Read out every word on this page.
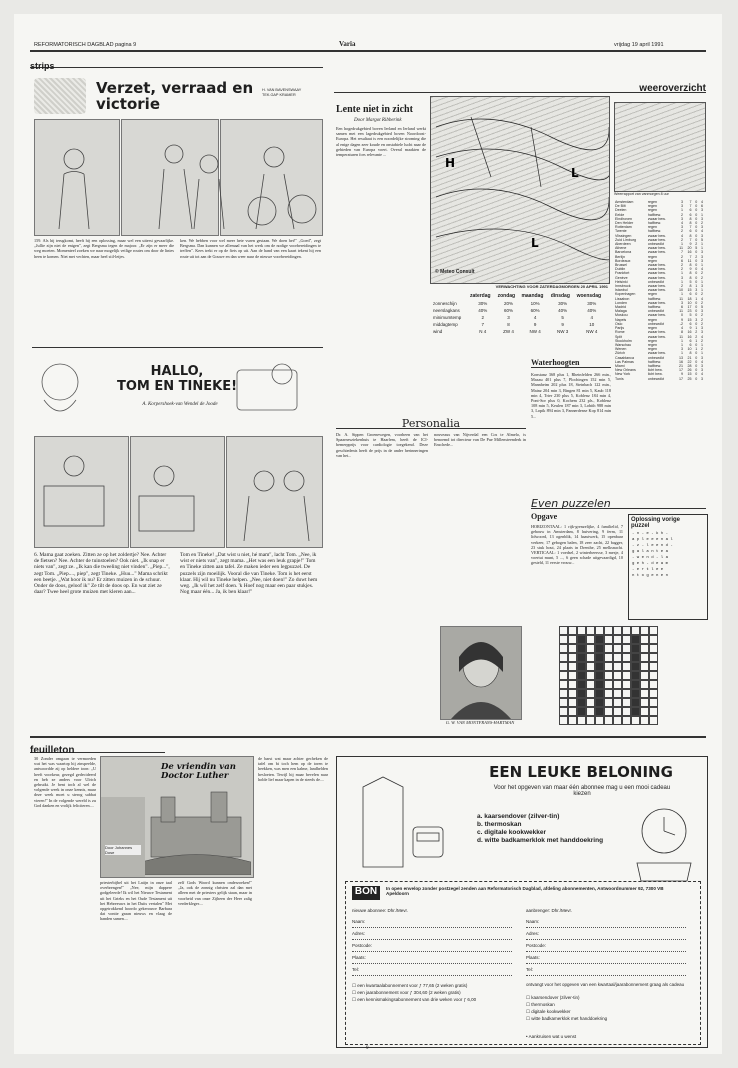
REFORMATORISCH DAGBLAD pagina 9	Varia	vrijdag 19 april 1991
strips
Verzet, verraad en victorie
H. VAN BAVENSWAAY TEK.GAP KRAMER
159. Als hij terugkomt, heeft hij een oplossing, maar wel een uiterst gevaarlijke. „Jullie zijn niet de enigen", zegt Bergsma tegen de majoor. „Er zijn er meer die weg moeten. Momenteel zoeken we naar mogelijk veilige routes om door de linies heen te komen. Niet met vechten, maar heel stil-letjes.
ken. We hebben voor wel meer hete vuren gestaan. We doen het!" „Goed", zegt Bergsma. Dan kunnen we allemaal van het werk om de nodige voorbereidingen te treffen". Kees trekt er op de fiets op uit. Aan de hand van een kaart tekent hij een route uit tot aan de Gouwe en dan weer naar de nieuwe voorbereidingen.
HALLO,
TOM EN TINEKE!
A. Korpershoek-van Wendel de Joode
6. Mama gaat zoeken. Zitten ze op het zoldertje? Nee. Achter de fietsen? Nee. Achter de tuinstoelen? Ook niet. „Ik snap er niets van", zegt ze. „Ik kan die tweeling niet vinden". „Piep...", zegt Tom. „Piep...., piep", zegt Tineke. „Huu..." Mama schrikt een beetje. „Wat hoor ik nu? Er zitten muizen in de schuur. Onder de doos, geloof ik" Ze tilt de doos op. En wat ziet ze daar? Twee heel grote muizen met kleren aan...
Tom en Tineke! „Dat wist u niet, hé mam", lacht Tom. „Nee, ik wist er niets van", zegt mama. „Het was een leuk grapje!" Tom en Tineke zitten aan tafel. Ze maken ieder een legpuzzel. De puzzels zijn moeilijk. Vooral die van Tineke. Tom is het eerst klaar. Hij wil nu Tineke helpen. „Nee, niet doen!" Zo duwt hem weg. „Ik wil het zelf doen. 'k Hoef nog maar een paar stukjes. Nog maar één... Ja, ik ben klaar!"
feuilleton
30 Zonder omgaan te vermoeden wat het was waartop hij zinspeelde, antwoordde zij op heldere toon: „U heeft voorkeur, gezegd gedecideerd en heb ze anders voor Ulrich gebruikt. Je bent toch al wel de volgende week in onze kennis, maar deze week moet u sterog sabbat vieren!" In de volgende wereld is zu God danken en vrolijk feliciteren....
De vriendin van Doctor Luther
Door Johannes Dose
priesterbijbel uit het Latijn in onze taal overbrengen!" „Nee, mijn dappere godgeleerde! Ik wil het Nieuwe Testament uit het Grieks en het Oude Testament uit het Hebreeuws in het Duits vertalen" Met opgetrokkend hoordo gekerouwe Barbara dat vontte graan nieuws en vlaag de handen samen....
zelf Gods Woord kunnen onderzoeken!" „Ja, ook de zonnig christen zal dan met alleen met de priesters gelijk staan, maar in voorheid van onze Zijheen der Heer zalig verderkleger....
de barst wat maar achter gecheken de tafel om bi toch hem op de toren te heekken, was men een kalme, landhelden besloeten. Tewijl hij maar bevelen naar holde lief maar kapen in de steeds de....
weeroverzicht
Lente niet in zicht
Door Margot Ribberink
Een hogedrukgebied boven Ierland en Ierland werkt samen met een lagedrukgebied boven Noordoost-Europa. Het resultaat is een noordelijke stroming die al enige dagen zeer koude en onstabiele lucht naar de gebieden van Europa voert. Overal maakten de temperaturen fors relevante ...
H
L
L
© Meteo Consult
VERWACHTING VOOR ZATERDAGMORGEN 20 APRIL 1991
	zaterdag	zondag	maandag	dinsdag	woensdag
zonneschijn	30%	20%	10%	30%	30%
neerslagkans	40%	60%	60%	40%	40%
minimumtemp	2	3	4	5	4
middagtemp	7	8	9	9	10
wind	N 4	ZW 4	NW 4	NW 3	NW 4
Weerrapport van vanmorgen 8 uur
Amsterdam	regen	3	7	0	4
De Bilt	regen	3	7	0	6
Deelen	regen	1	6	0	3
Eelde	halfbew.	2	6	0	1
Eindhoven	zwaar bew.	3	8	0	3
Den Helder	halfbew.	4	8	0	2
Rotterdam	regen	3	7	0	3
Twente	halfbew.	2	6	0	4
Vlissingen	zwaar bew.	4	8	0	3
Zuid Limburg	zwaar bew.	2	7	0	5
Aberdeen	onbewolkt	1	9	2	1
Athene	zwaar bew.	11	20	5	1
Barcelona	zwaar bew.	7	16	0	3
Berlijn	regen	2	7	2	3
Bordeaux	regen	6	11	0	3
Brussel	zwaar bew.	2	8	0	1
Dublin	zwaar bew.	2	9	0	4
Frankfort	zwaar bew.	1	8	0	2
Genève	zwaar bew.	3	8	0	2
Helsinki	onbewolkt	1	5	0	1
Innsbruck	zwaar bew.	2	8	1	3
Istanbul	zwaar bew.	10	15	3	1
Kopenhagen	regen	1	6	0	2
Lissabon	halfbew.	11	18	1	4
Londen	zwaar bew.	3	10	0	2
Madrid	halfbew.	6	17	0	5
Malaga	onbewolkt	11	23	0	3
Moskou	zwaar bew.	0	5	0	2
Napels	regen	9	15	3	2
Oslo	onbewolkt	-2	6	0	2
Parijs	regen	4	9	1	3
Rome	zwaar bew.	8	16	2	3
Split	zwaar bew.	11	16	2	4
Stockholm	regen	1	6	1	2
Warschau	regen	1	6	0	1
Wenen	regen	3	10	1	2
Zürich	zwaar bew.	1	8	0	1
Casablanca	onbewolkt	13	21	0	3
Las Palmas	halfbew.	16	22	0	4
Miami	halfbew.	21	28	0	3
New Orleans	licht bew.	17	26	0	3
New York	licht bew.	9	15	0	4
Tunis	onbewolkt	17	25	0	3
Waterhoogten
Konstanz 368 plus 1, Rheinfelden 266 min., Maxau 401 plus 7, Plochingen 152 min 5, Mannheim 202 plus 18, Steinbach 122 min., Mainz 204 min 3, Bingen 81 min 5, Kaub 118 min 4, Trier 230 plus 5, Koblenz 184 min 4, Pont-Sor plus 0, Kochem 232 pls., Koblenz 108 min 5, Keulen 187 min 3, Lobith 988 min 3, Lopik 894 min 3, Pannerdense Kop 814 min 5...
Personalia
Dr. A. Sippen Groenewegen, voorheen van het Spaarnesziekenhuis te Haarlem, heeft de ICI-bemerpprijs voor cardiologie toegekend. Deze geschiedenis heeft de prijs in de ander herinneringen van het...
nouveaux van Nijverdal een Cos te Almelo, is benoemd tot directeur van De Pue Millensteenderk in Enschede...
G. W. VAN MONTFRANS-HARTMAN
Even puzzelen
Opgave
HORIZONTAAL: 1 rijk-grenzelijke, 4 familielid, 7 gebouw in Amsterdam, 8 huivering, 9 ferm, 11 lidwoord, 13 ogenblik, 14 haastwerk, 15 openbaar verkeer, 17 gebogen balen, 18 zeer zacht, 22 bagger, 23 stuk hout, 24 plaats in Drenthe, 25 melksnacht. VERTICAAL: 1 voedsel, 2 winterheersse, 3 mesje, 4 voertui munt, 5 ..., 6 geen schade uitgevaardigd, 10 gesteld, 11 eerste vrouw...
Oplossing vorige
puzzel
- n - e - k h -
a p l e e e n a l
- z - l e e n d -
g a l a n t e a
- w e n d - l a
g e h - d e a m
- e r t l e e
n t o g e n e n
EEN LEUKE BELONING
Voor het opgeven van maar één abonnee mag u een mooi cadeau kiezen
a. kaarsendover (zilver-tin)
b. thermoskan
c. digitale kookwekker
d. witte badkamerklok met handdoekring
BON	In open envelop zonder postzegel zenden aan Reformatorisch Dagblad, afdeling abonnementen, Antwoordnummer 92, 7300 VB Apeldoorn
nieuwe abonnee: Dhr./Mevr.	aanbrenger: Dhr./Mevr.
Naam:
Adres:
Postcode:
Plaats:
Tel:
Naam:
Adres:
Postcode:
Plaats:
Tel:
☐ een kwartaalabonnement voor ƒ 77,65 (2 weken gratis)
☐ een jaarabonnement voor ƒ 304,60 (2 weken gratis)
☐ een kennismakingsabonnement van drie weken voor ƒ 6,00
ontvangt voor het opgeven van een kwartaal/jaarabonnement graag als cadeau
☐ kaarsendover (zilver-tin)
☐ thermoskan
☐ digitale kookwekker
☐ witte badkamerklok met handdoekring
• Aankruisen wat u wenst
9
